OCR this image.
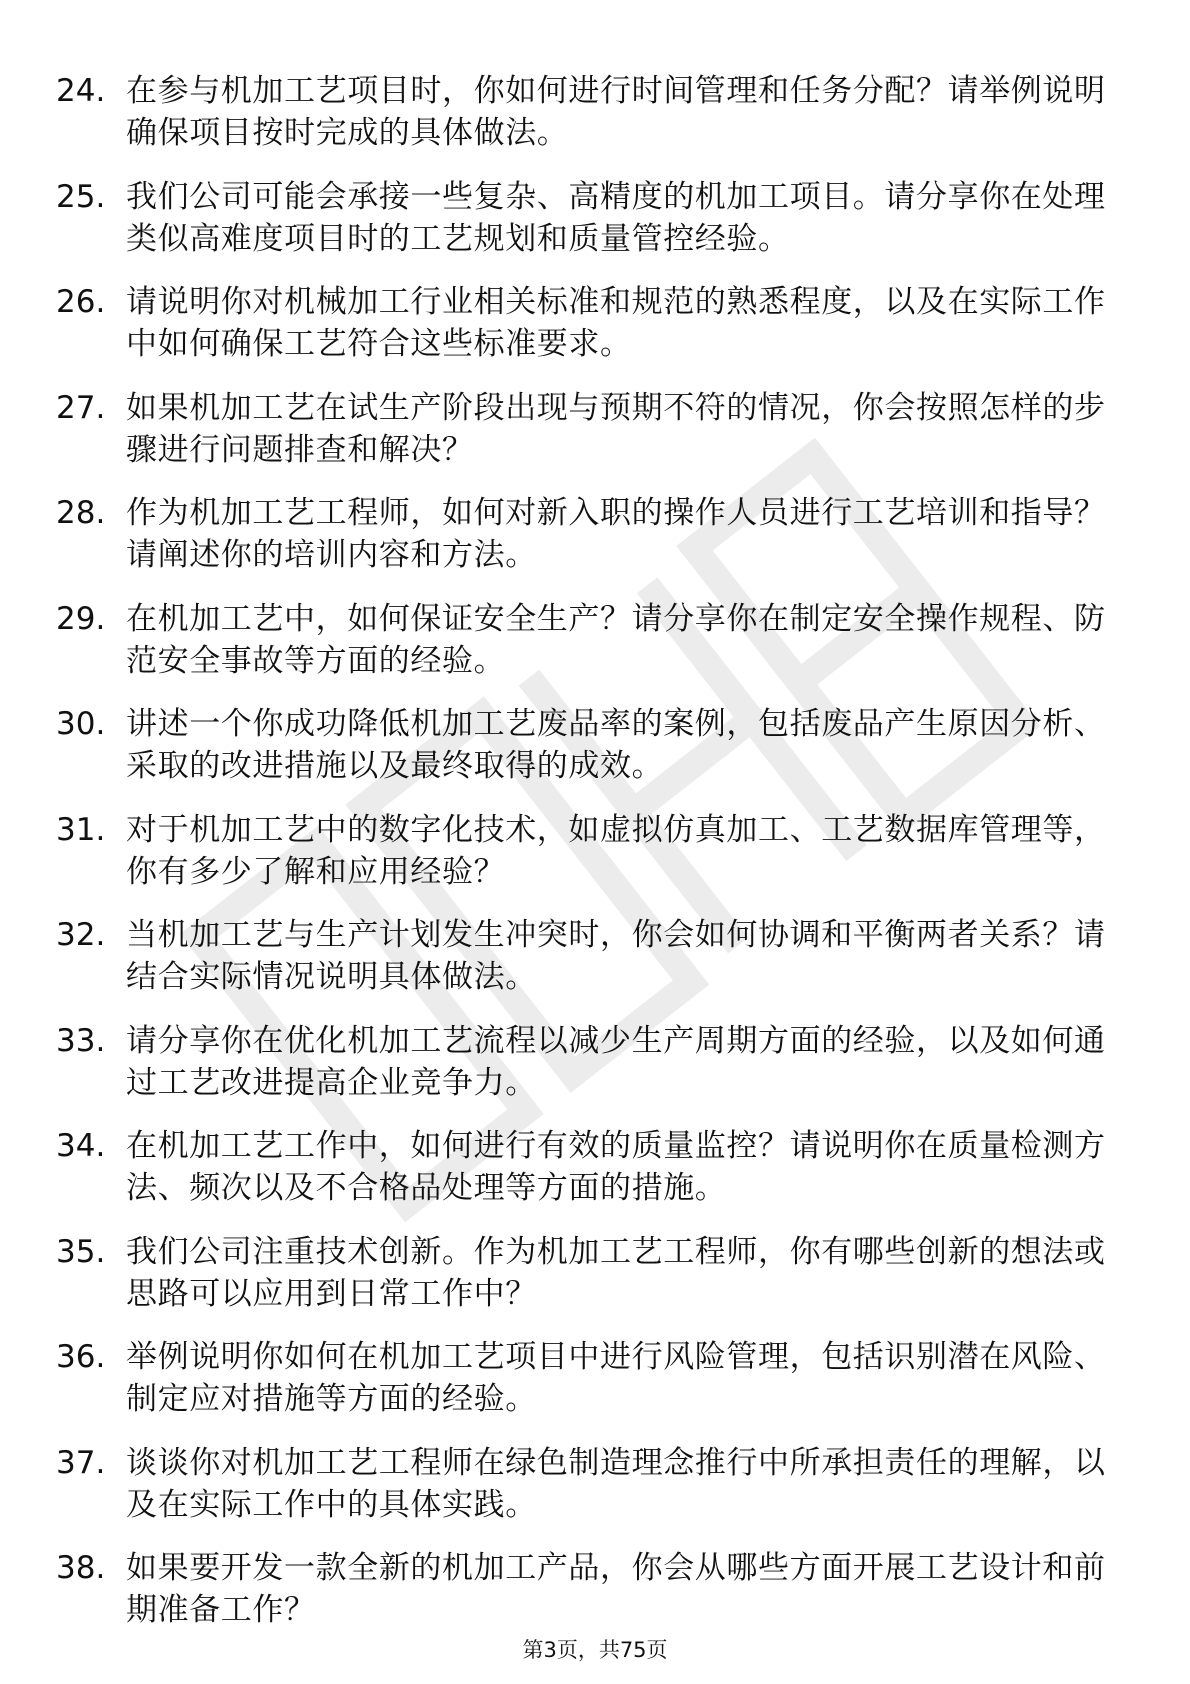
24. 在参与机加工艺项目时，你如何进行时间管理和任务分配？请举例说明确保项目按时完成的具体做法。
25. 我们公司可能会承接一些复杂、高精度的机加工项目。请分享你在处理类似高难度项目时的工艺规划和质量管控经验。
26. 请说明你对机械加工行业相关标准和规范的熟悉程度，以及在实际工作中如何确保工艺符合这些标准要求。
27. 如果机加工艺在试生产阶段出现与预期不符的情况，你会按照怎样的步骤进行问题排查和解决？
28. 作为机加工艺工程师，如何对新入职的操作人员进行工艺培训和指导？请阐述你的培训内容和方法。
29. 在机加工艺中，如何保证安全生产？请分享你在制定安全操作规程、防范安全事故等方面的经验。
30. 讲述一个你成功降低机加工艺废品率的案例，包括废品产生原因分析、采取的改进措施以及最终取得的成效。
31. 对于机加工艺中的数字化技术，如虚拟仿真加工、工艺数据库管理等，你有多少了解和应用经验？
32. 当机加工艺与生产计划发生冲突时，你会如何协调和平衡两者关系？请结合实际情况说明具体做法。
33. 请分享你在优化机加工艺流程以减少生产周期方面的经验，以及如何通过工艺改进提高企业竞争力。
34. 在机加工艺工作中，如何进行有效的质量监控？请说明你在质量检测方法、频次以及不合格品处理等方面的措施。
35. 我们公司注重技术创新。作为机加工艺工程师，你有哪些创新的想法或思路可以应用到日常工作中？
36. 举例说明你如何在机加工艺项目中进行风险管理，包括识别潜在风险、制定应对措施等方面的经验。
37. 谈谈你对机加工艺工程师在绿色制造理念推行中所承担责任的理解，以及在实际工作中的具体实践。
38. 如果要开发一款全新的机加工产品，你会从哪些方面开展工艺设计和前期准备工作？
第3页，共75页
